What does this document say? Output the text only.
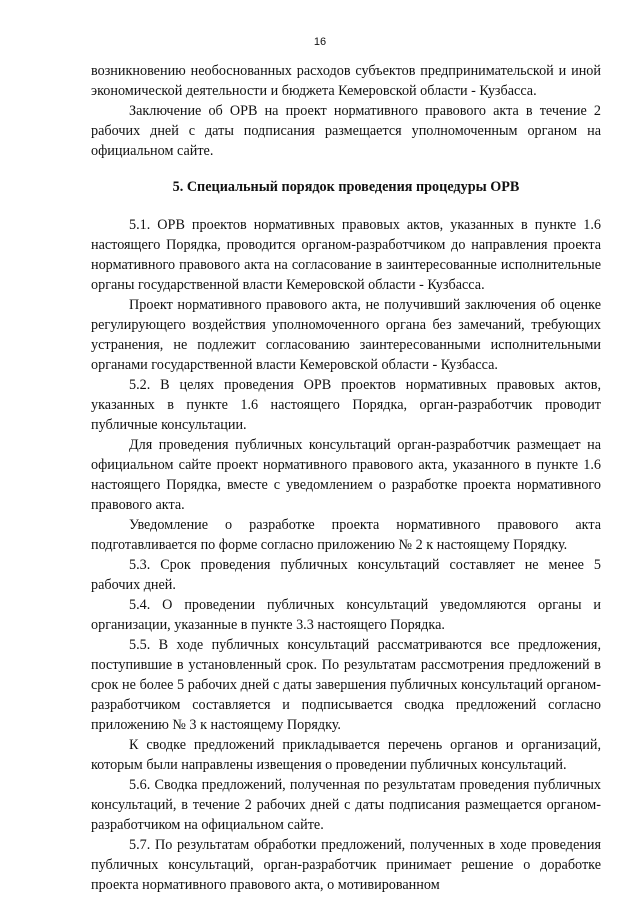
16

возникновению необоснованных расходов субъектов предпринимательской и иной экономической деятельности и бюджета Кемеровской области - Кузбасса.

Заключение об ОРВ на проект нормативного правового акта в течение 2 рабочих дней с даты подписания размещается уполномоченным органом на официальном сайте.

5. Специальный порядок проведения процедуры ОРВ

5.1. ОРВ проектов нормативных правовых актов, указанных в пункте 1.6 настоящего Порядка, проводится органом-разработчиком до направления проекта нормативного правового акта на согласование в заинтересованные исполнительные органы государственной власти Кемеровской области - Кузбасса.

Проект нормативного правового акта, не получивший заключения об оценке регулирующего воздействия уполномоченного органа без замечаний, требующих устранения, не подлежит согласованию заинтересованными исполнительными органами государственной власти Кемеровской области - Кузбасса.

5.2. В целях проведения ОРВ проектов нормативных правовых актов, указанных в пункте 1.6 настоящего Порядка, орган-разработчик проводит публичные консультации.

Для проведения публичных консультаций орган-разработчик размещает на официальном сайте проект нормативного правового акта, указанного в пункте 1.6 настоящего Порядка, вместе с уведомлением о разработке проекта нормативного правового акта.

Уведомление о разработке проекта нормативного правового акта подготавливается по форме согласно приложению № 2 к настоящему Порядку.

5.3. Срок проведения публичных консультаций составляет не менее 5 рабочих дней.

5.4. О проведении публичных консультаций уведомляются органы и организации, указанные в пункте 3.3 настоящего Порядка.

5.5. В ходе публичных консультаций рассматриваются все предложения, поступившие в установленный срок. По результатам рассмотрения предложений в срок не более 5 рабочих дней с даты завершения публичных консультаций органом-разработчиком составляется и подписывается сводка предложений согласно приложению № 3 к настоящему Порядку.

К сводке предложений прикладывается перечень органов и организаций, которым были направлены извещения о проведении публичных консультаций.

5.6. Сводка предложений, полученная по результатам проведения публичных консультаций, в течение 2 рабочих дней с даты подписания размещается органом-разработчиком на официальном сайте.

5.7. По результатам обработки предложений, полученных в ходе проведения публичных консультаций, орган-разработчик принимает решение о доработке проекта нормативного правового акта, о мотивированном
